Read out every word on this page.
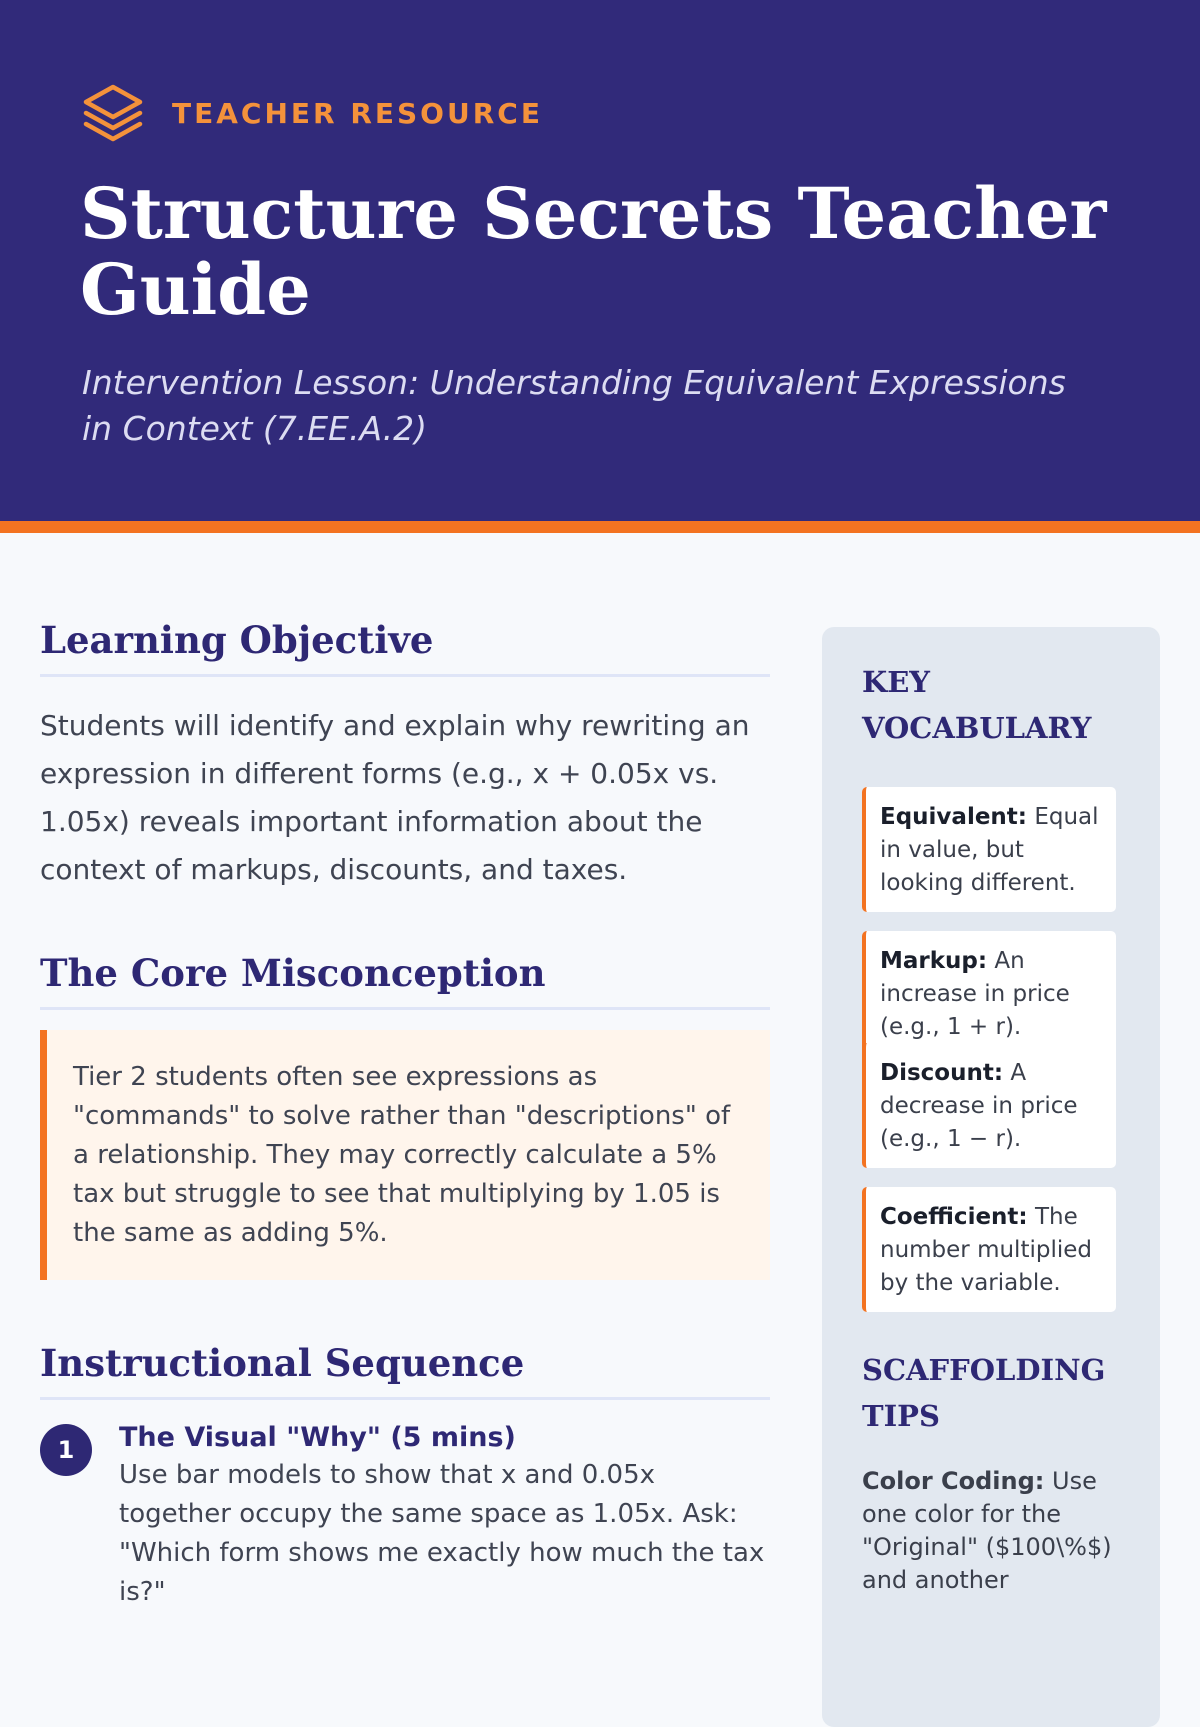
TEACHER RESOURCE
Structure Secrets Teacher Guide

Intervention Lesson: Understanding Equivalent Expressions in Context (7.EE.A.2)

Learning Objective

Students will identify and explain why rewriting an expression in different forms (e.g., x + 0.05x vs. 1.05x) reveals important information about the context of markups, discounts, and taxes.

The Core Misconception
Tier 2 students often see expressions as "commands" to solve rather than "descriptions" of a relationship. They may correctly calculate a 5% tax but struggle to see that multiplying by 1.05 is the same as adding 5%.
Instructional Sequence
1	The Visual "Why" (5 mins)
Use bar models to show that x and 0.05x together occupy the same space as 1.05x. Ask: "Which form shows me exactly how much the tax is?"
KEY VOCABULARY
Equivalent: Equal in value, but looking different.
Markup: An increase in price (e.g., 1 + r).
Discount: A decrease in price (e.g., 1 − r).
Coefficient: The number multiplied by the variable.
SCAFFOLDING TIPS
Color Coding: Use one color for the "Original" ($100\%$) and another
